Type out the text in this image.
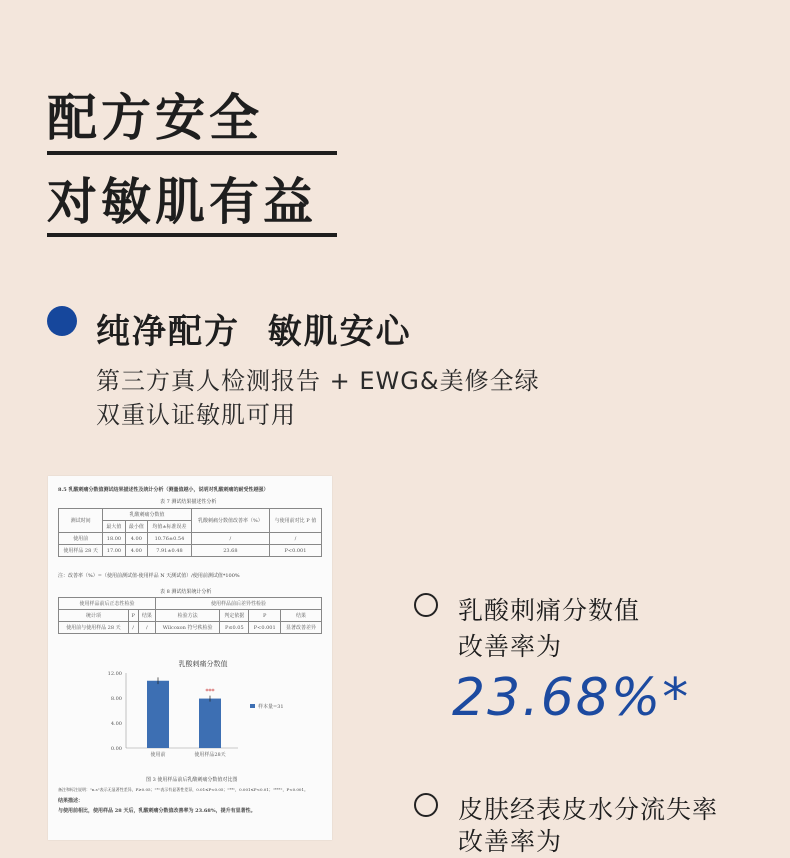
配方安全
对敏肌有益
纯净配方  敏肌安心
第三方真人检测报告 + EWG&美修全绿
双重认证敏肌可用
8.5 乳酸刺痛分数值测试结果描述性及统计分析（测量值越小，说明对乳酸刺痛的耐受性越强）
表 7 测试结果描述性分析
测试时间	乳酸刺痛分数值			乳酸刺痛分数值改善率（%）	与使用前对比 P 值
	最大值	最小值	均值±标准误差		
使用前	18.00	4.00	10.76±0.54	/	/
使用样品 28 天	17.00	4.00	7.91±0.48	23.68	P<0.001
注：改善率（%）=（使用前测试值-使用样品 N 天测试值）/使用前测试值*100%
表 8 测试结果统计分析
使用样品前后正态性检验			使用样品前后差异性检验			
统计项	P	结果	检验方法	判定依据	P	结果
使用前与使用样品 28 天	/	/	Wilcoxon 符号秩检验	P≤0.05	P<0.001	显著改善差异
乳酸刺痛分数值
12.00
8.00
4.00
0.00
使用前	使用样品28天
***
样本量=31
图 3 使用样品前后乳酸刺痛分数值对比图
备注和标注说明："n.s"表示无显著性差异，P≥0.05；"*"表示有显著性差异，0.01≤P<0.05；"**"，0.001≤P<0.01；"***"，P<0.001。
结果描述：
与使用前相比，使用样品 28 天后，乳酸刺痛分数值改善率为 23.68%，提升有显著性。
乳酸刺痛分数值
改善率为
23.68%*
皮肤经表皮水分流失率
改善率为
